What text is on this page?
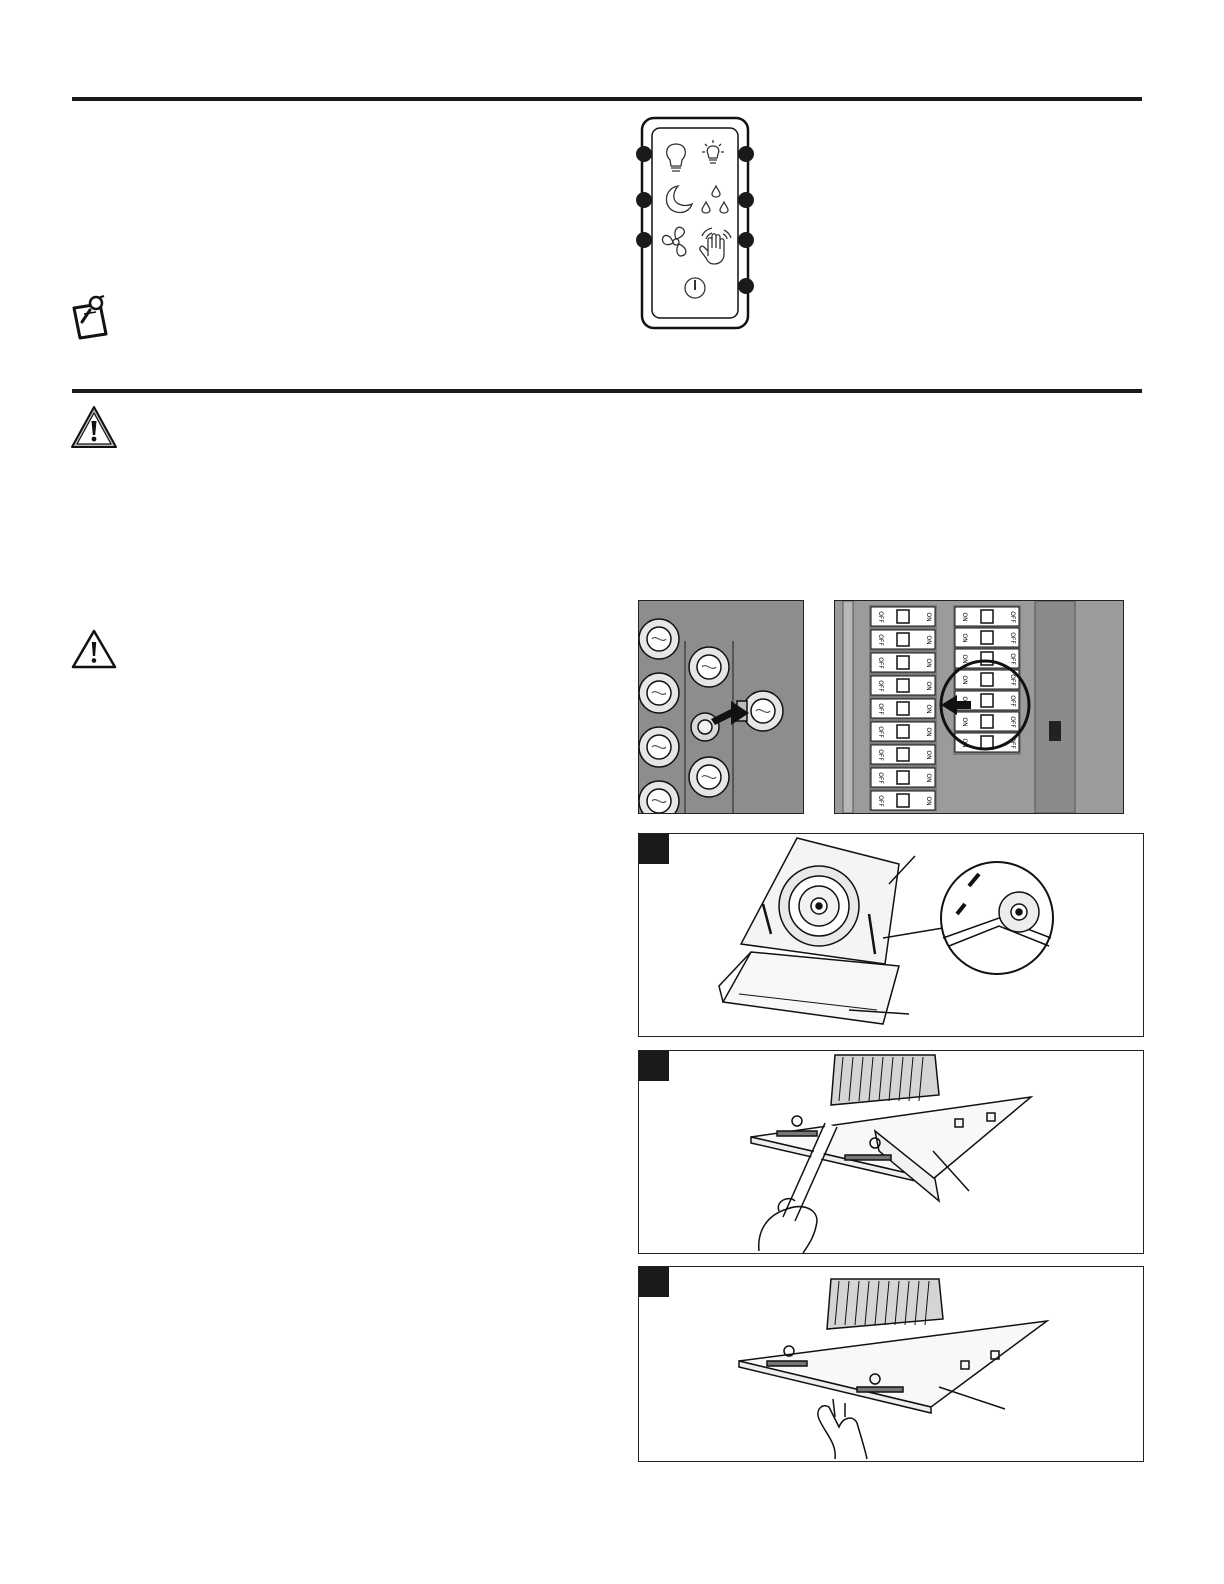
OFF	ON
OFF	ON
OFF	ON
OFF	ON
OFF	ON
OFF	ON
OFF	ON
OFF	ON
OFF	ON
ON	OFF
ON	OFF
ON	OFF
ON	OFF
OFF
ON	OFF
ON	OFF
